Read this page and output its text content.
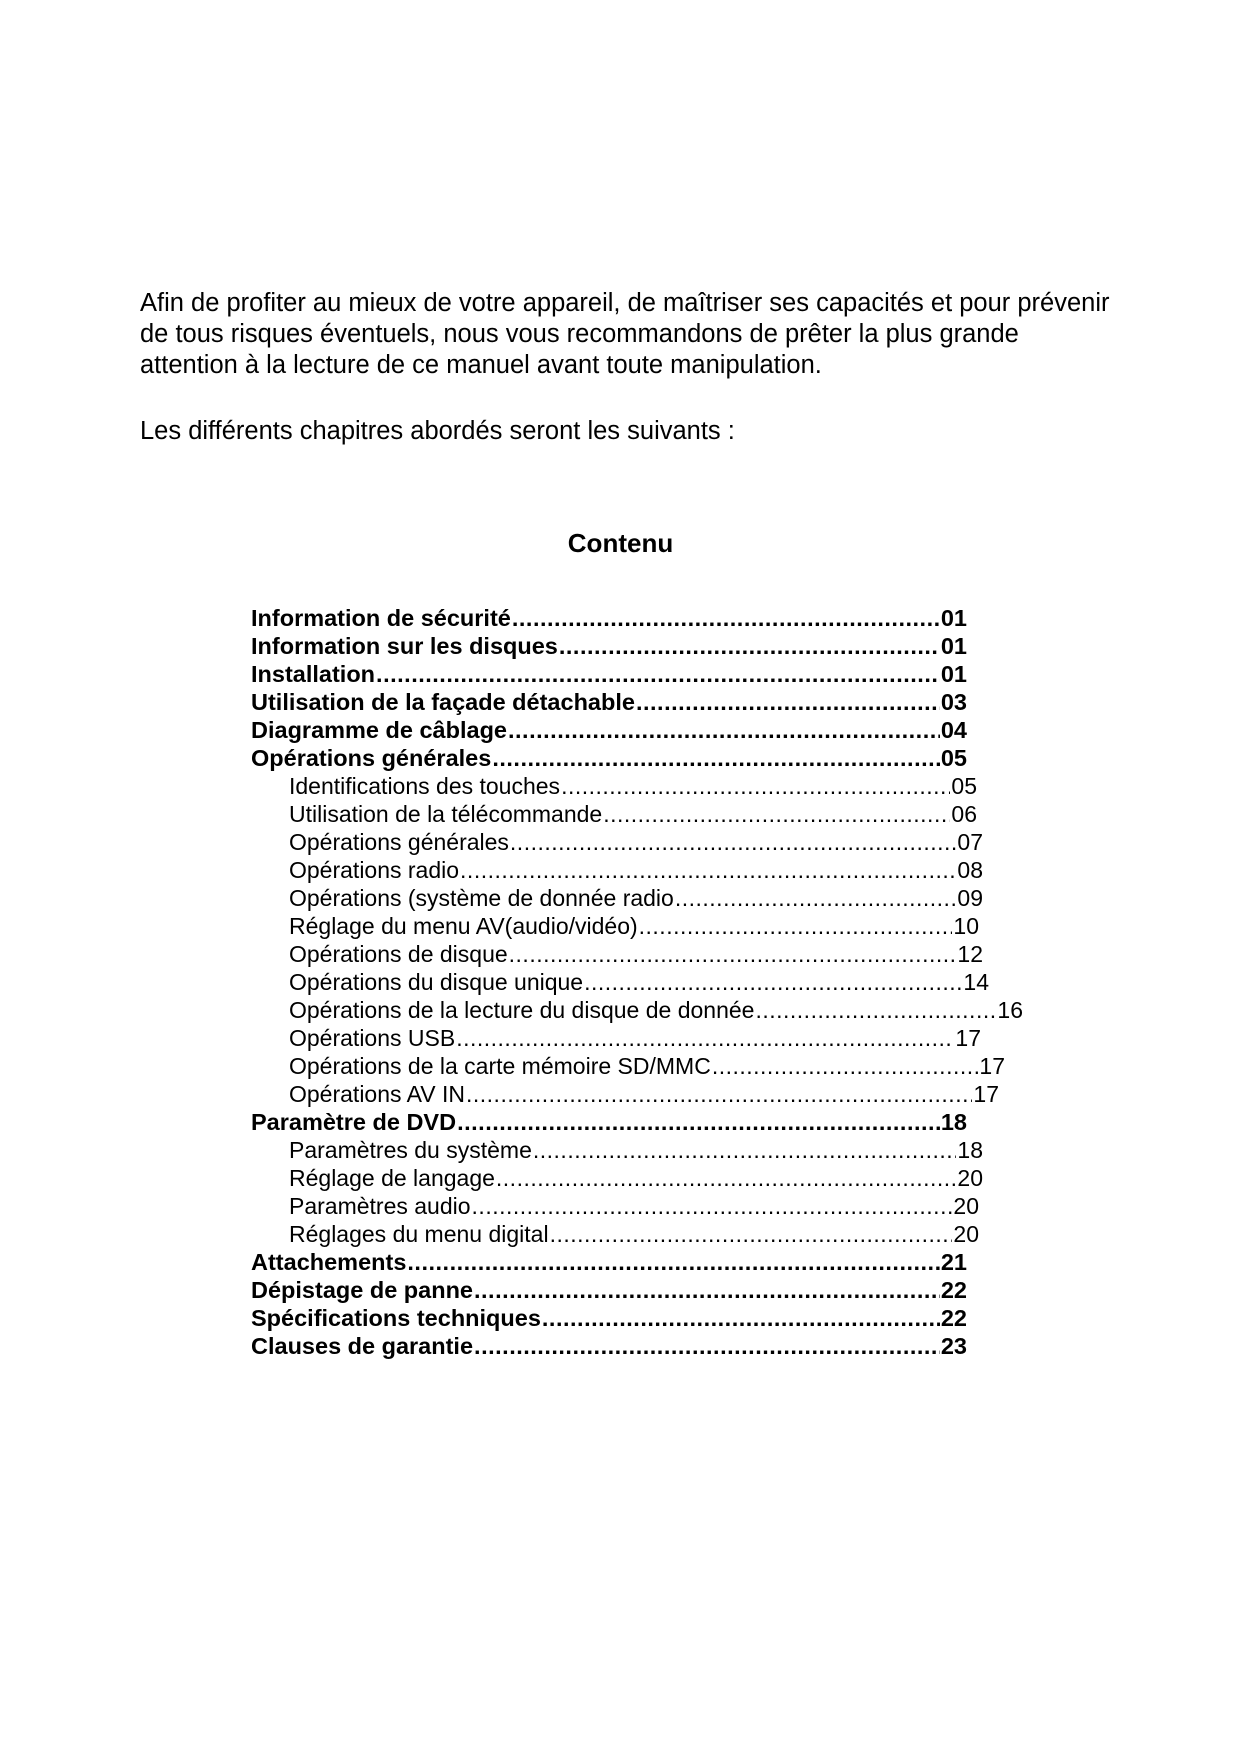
Afin de profiter au mieux de votre appareil, de maîtriser ses capacités et pour prévenir de tous risques éventuels, nous vous recommandons de prêter la plus grande attention à la lecture de ce manuel avant toute manipulation.

Les différents chapitres abordés seront les suivants :

Contenu
Information de sécurité .....	01
Information sur les disques .....	01
Installation .....	01
Utilisation de la façade détachable .....	03
Diagramme de câblage .....	04
Opérations générales .....	05
Identifications des touches .....	05
Utilisation de la télécommande .....	06
Opérations générales .....	07
Opérations radio .....	08
Opérations (système de donnée radio .....	09
Réglage du menu AV(audio/vidéo) .....	10
Opérations de disque .....	12
Opérations du disque unique .....	14
Opérations de la lecture du disque de donnée .....	16
Opérations USB .....	17
Opérations de la carte mémoire SD/MMC .....	17
Opérations AV IN .....	17
Paramètre de DVD .....	18
Paramètres du système .....	18
Réglage de langage .....	20
Paramètres audio .....	20
Réglages du menu digital .....	20
Attachements .....	21
Dépistage de panne .....	22
Spécifications techniques .....	22
Clauses de garantie .....	23
